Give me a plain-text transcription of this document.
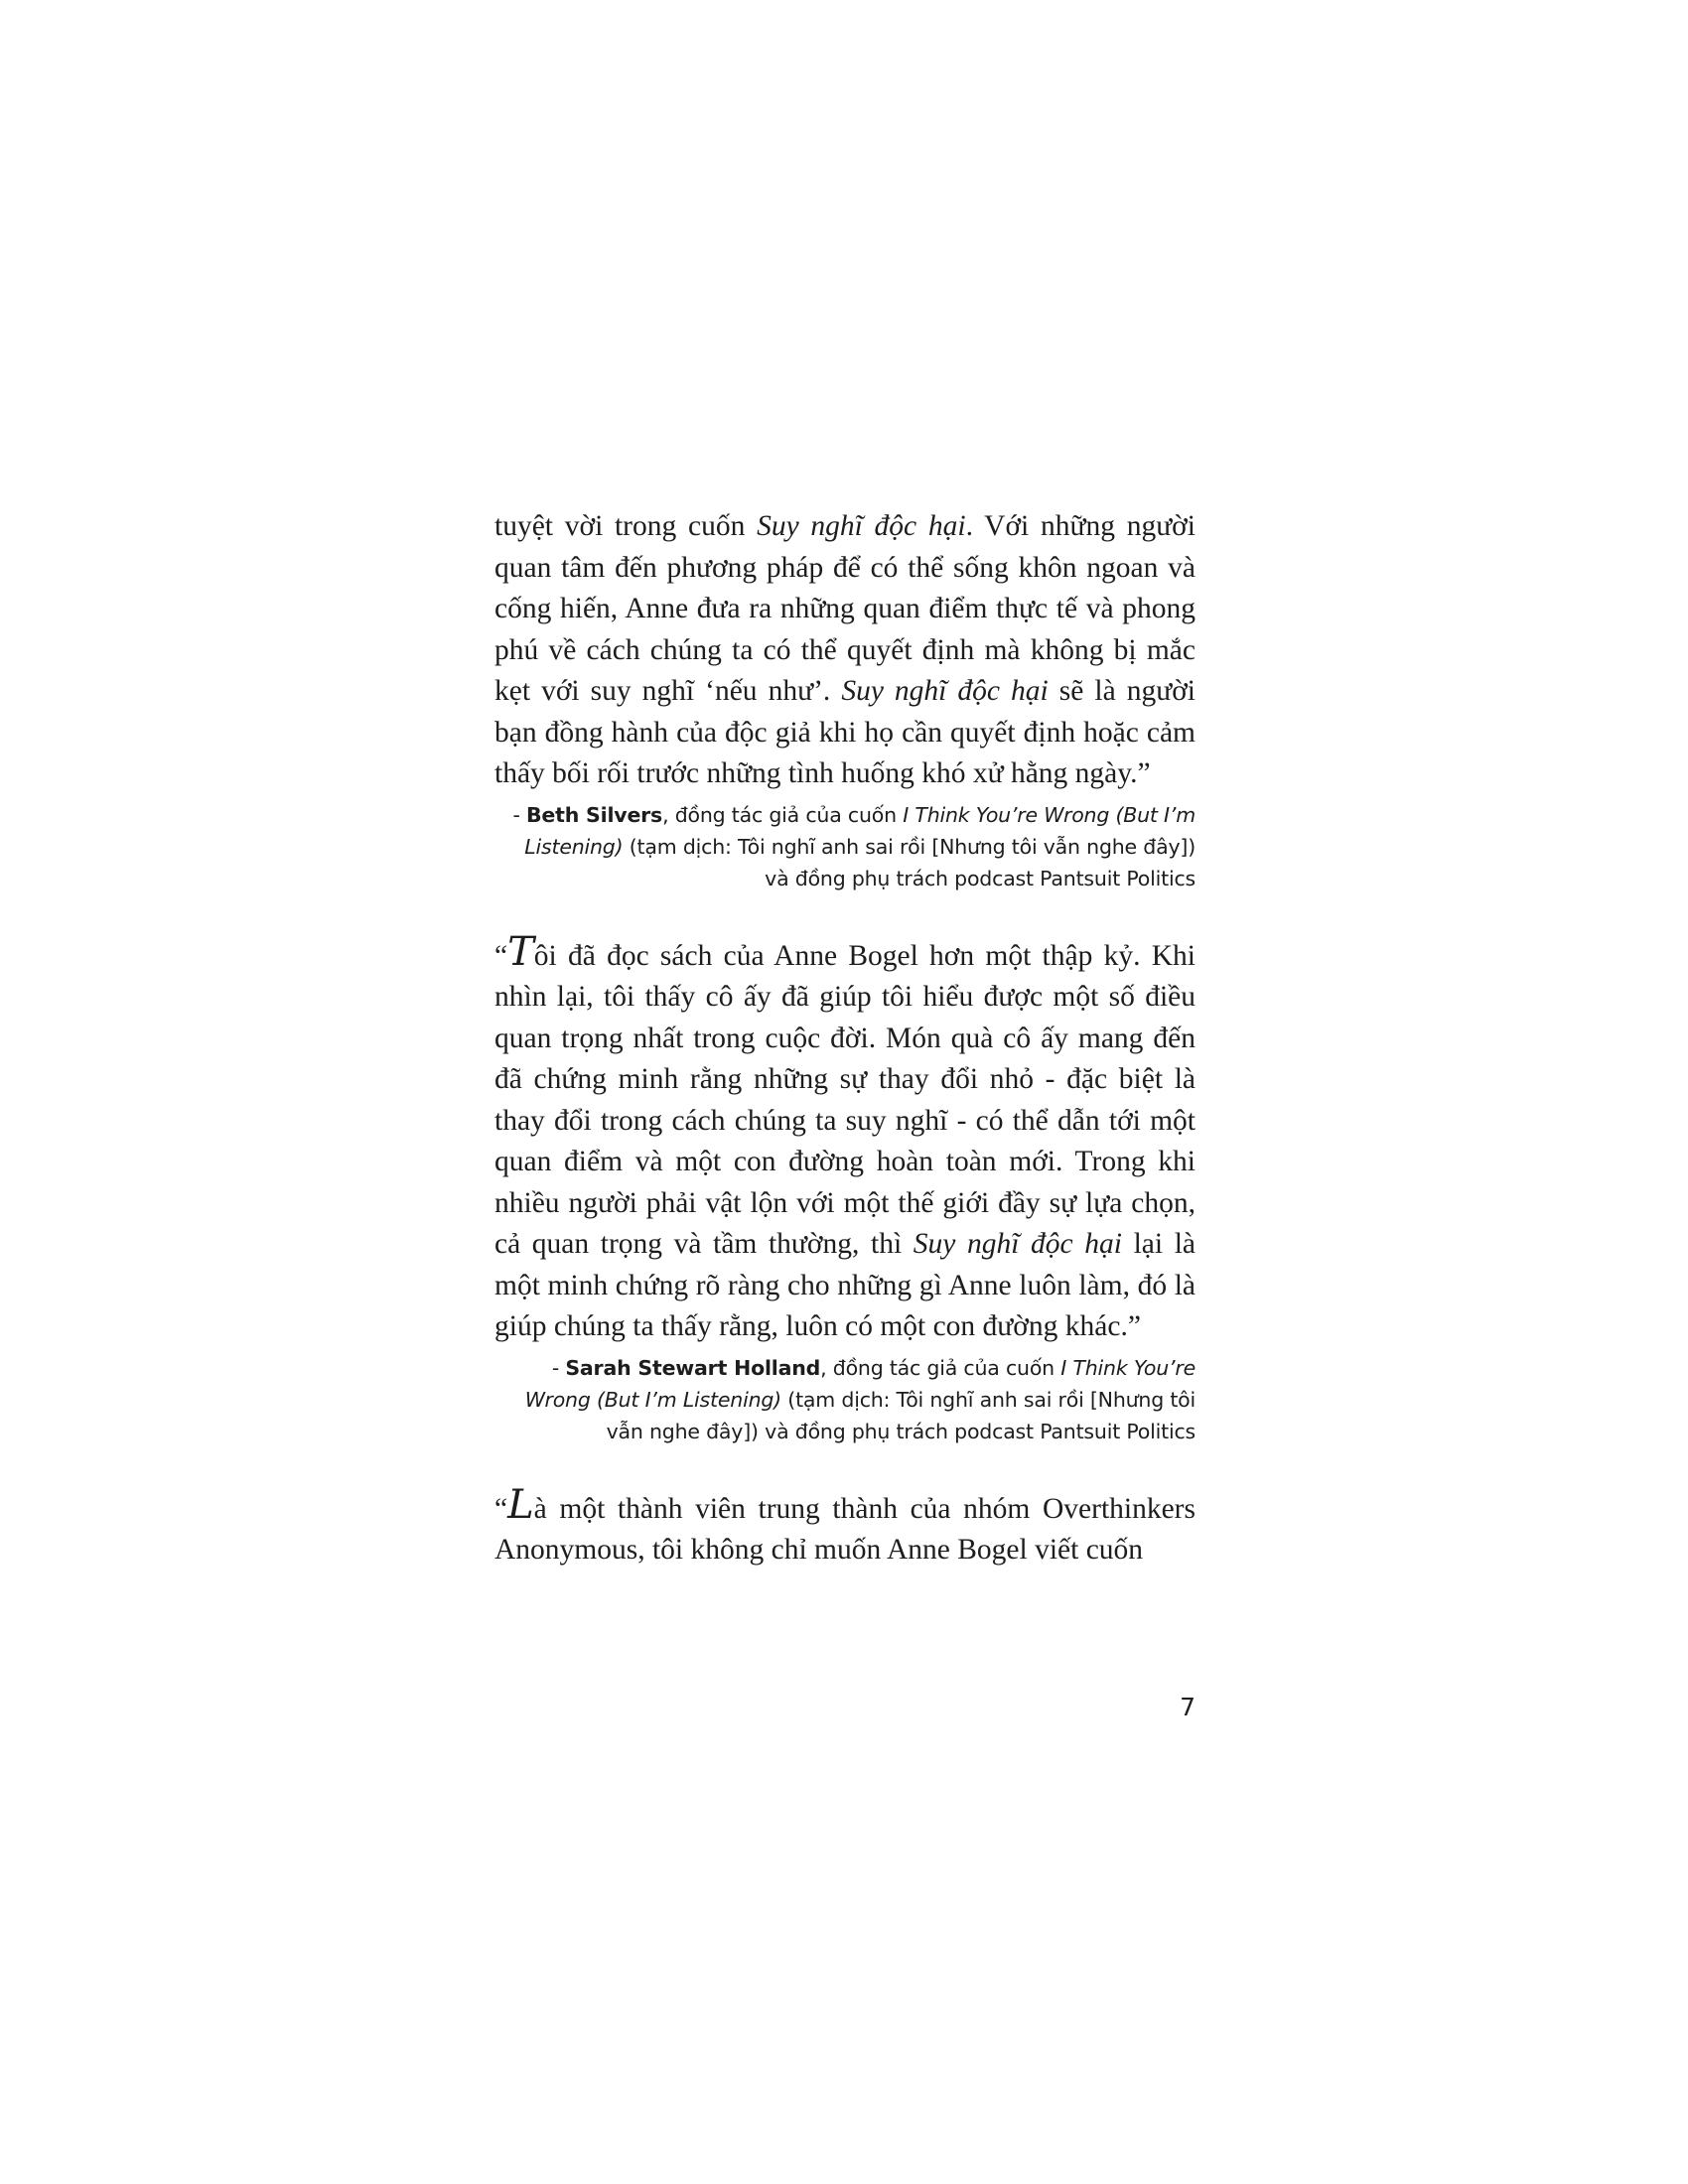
tuyệt vời trong cuốn Suy nghĩ độc hại. Với những người quan tâm đến phương pháp để có thể sống khôn ngoan và cống hiến, Anne đưa ra những quan điểm thực tế và phong phú về cách chúng ta có thể quyết định mà không bị mắc kẹt với suy nghĩ ‘nếu như’. Suy nghĩ độc hại sẽ là người bạn đồng hành của độc giả khi họ cần quyết định hoặc cảm thấy bối rối trước những tình huống khó xử hằng ngày.”

- Beth Silvers, đồng tác giả của cuốn I Think You’re Wrong (But I’m Listening) (tạm dịch: Tôi nghĩ anh sai rồi [Nhưng tôi vẫn nghe đây]) và đồng phụ trách podcast Pantsuit Politics

“Tôi đã đọc sách của Anne Bogel hơn một thập kỷ. Khi nhìn lại, tôi thấy cô ấy đã giúp tôi hiểu được một số điều quan trọng nhất trong cuộc đời. Món quà cô ấy mang đến đã chứng minh rằng những sự thay đổi nhỏ - đặc biệt là thay đổi trong cách chúng ta suy nghĩ - có thể dẫn tới một quan điểm và một con đường hoàn toàn mới. Trong khi nhiều người phải vật lộn với một thế giới đầy sự lựa chọn, cả quan trọng và tầm thường, thì Suy nghĩ độc hại lại là một minh chứng rõ ràng cho những gì Anne luôn làm, đó là giúp chúng ta thấy rằng, luôn có một con đường khác.”

- Sarah Stewart Holland, đồng tác giả của cuốn I Think You’re Wrong (But I’m Listening) (tạm dịch: Tôi nghĩ anh sai rồi [Nhưng tôi vẫn nghe đây]) và đồng phụ trách podcast Pantsuit Politics

“Là một thành viên trung thành của nhóm Overthinkers Anonymous, tôi không chỉ muốn Anne Bogel viết cuốn

7
